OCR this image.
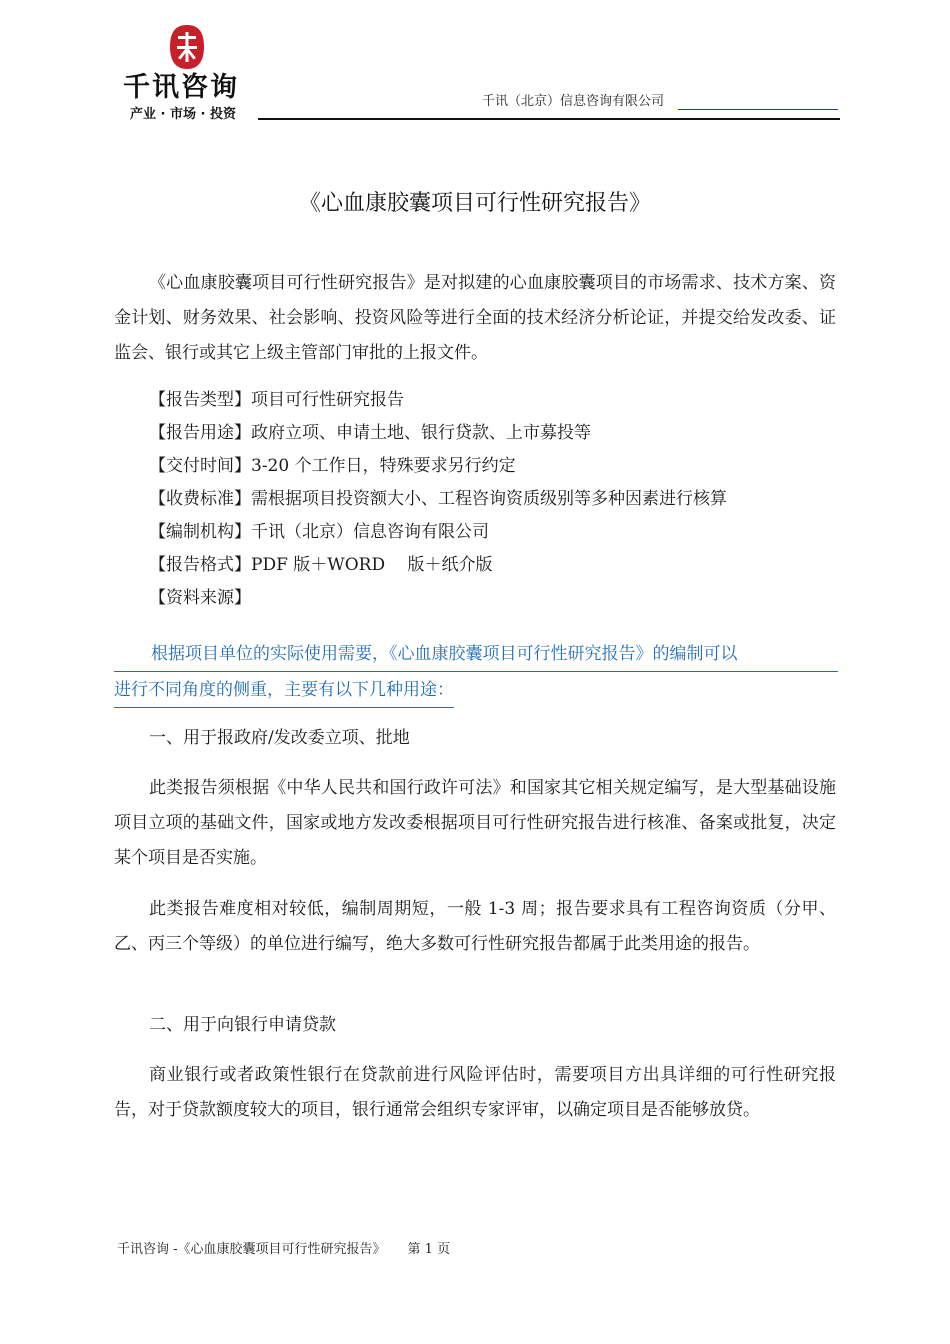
千讯咨询
产业 · 市场 · 投资
千讯（北京）信息咨询有限公司
《心血康胶囊项目可行性研究报告》

《心血康胶囊项目可行性研究报告》是对拟建的心血康胶囊项目的市场需求、技术方案、资金计划、财务效果、社会影响、投资风险等进行全面的技术经济分析论证，并提交给发改委、证监会、银行或其它上级主管部门审批的上报文件。

【报告类型】项目可行性研究报告
【报告用途】政府立项、申请土地、银行贷款、上市募投等
【交付时间】3-20 个工作日，特殊要求另行约定
【收费标准】需根据项目投资额大小、工程咨询资质级别等多种因素进行核算
【编制机构】千讯（北京）信息咨询有限公司
【报告格式】PDF 版＋WORD　 版＋纸介版
【资料来源】
根据项目单位的实际使用需要，《心血康胶囊项目可行性研究报告》的编制可以
进行不同角度的侧重，主要有以下几种用途：
一、用于报政府/发改委立项、批地

此类报告须根据《中华人民共和国行政许可法》和国家其它相关规定编写，是大型基础设施项目立项的基础文件，国家或地方发改委根据项目可行性研究报告进行核准、备案或批复，决定某个项目是否实施。

此类报告难度相对较低，编制周期短，一般 1-3 周；报告要求具有工程咨询资质（分甲、乙、丙三个等级）的单位进行编写，绝大多数可行性研究报告都属于此类用途的报告。

二、用于向银行申请贷款

商业银行或者政策性银行在贷款前进行风险评估时，需要项目方出具详细的可行性研究报告，对于贷款额度较大的项目，银行通常会组织专家评审，以确定项目是否能够放贷。

千讯咨询 -《心血康胶囊项目可行性研究报告》 第 1 页
